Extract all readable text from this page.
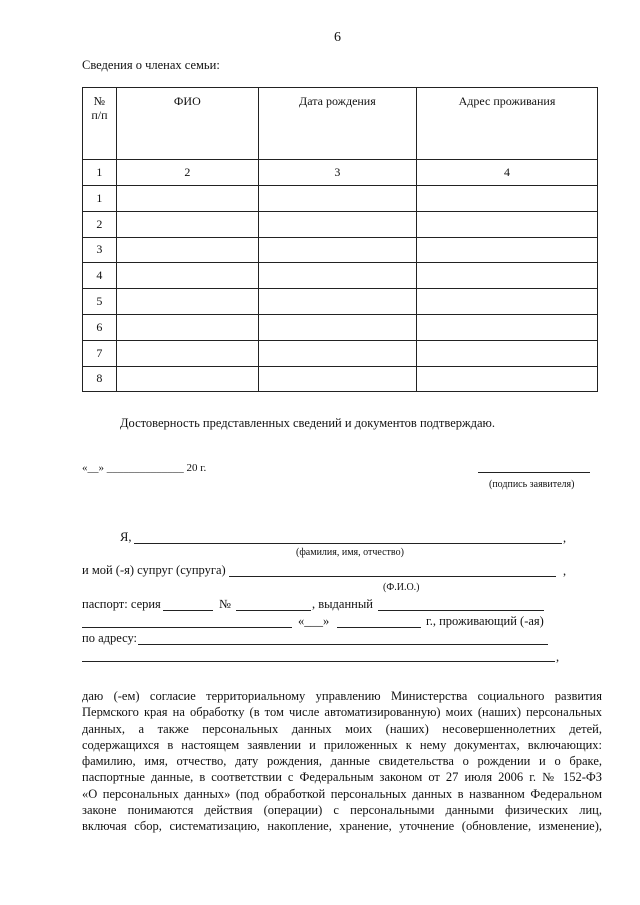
6
Сведения о членах семьи:
№
п/п	ФИО	Дата рождения	Адрес проживания
1	2	3	4
1			
2			
3			
4			
5			
6			
7			
8			
Достоверность представленных сведений и документов подтверждаю.
«__» ______________ 20 г.
(подпись заявителя)
Я,	,
(фамилия, имя, отчество)
и мой (-я) супруг (супруга)	,
(Ф.И.О.)
паспорт: серия	№	, выданный
«___»	г., проживающий (-ая)
по адресу:
,
даю (-ем) согласие территориальному управлению Министерства социального развития
Пермского края на обработку (в том числе автоматизированную) моих (наших) персональных
данных, а также персональных данных моих (наших) несовершеннолетних детей,
содержащихся в настоящем заявлении и приложенных к нему документах, включающих:
фамилию, имя, отчество, дату рождения, данные свидетельства о рождении и о браке,
паспортные данные, в соответствии с Федеральным законом от 27 июля 2006 г. № 152-ФЗ
«О персональных данных» (под обработкой персональных данных в названном Федеральном
законе понимаются действия (операции) с персональными данными физических лиц,
включая сбор, систематизацию, накопление, хранение, уточнение (обновление, изменение),
